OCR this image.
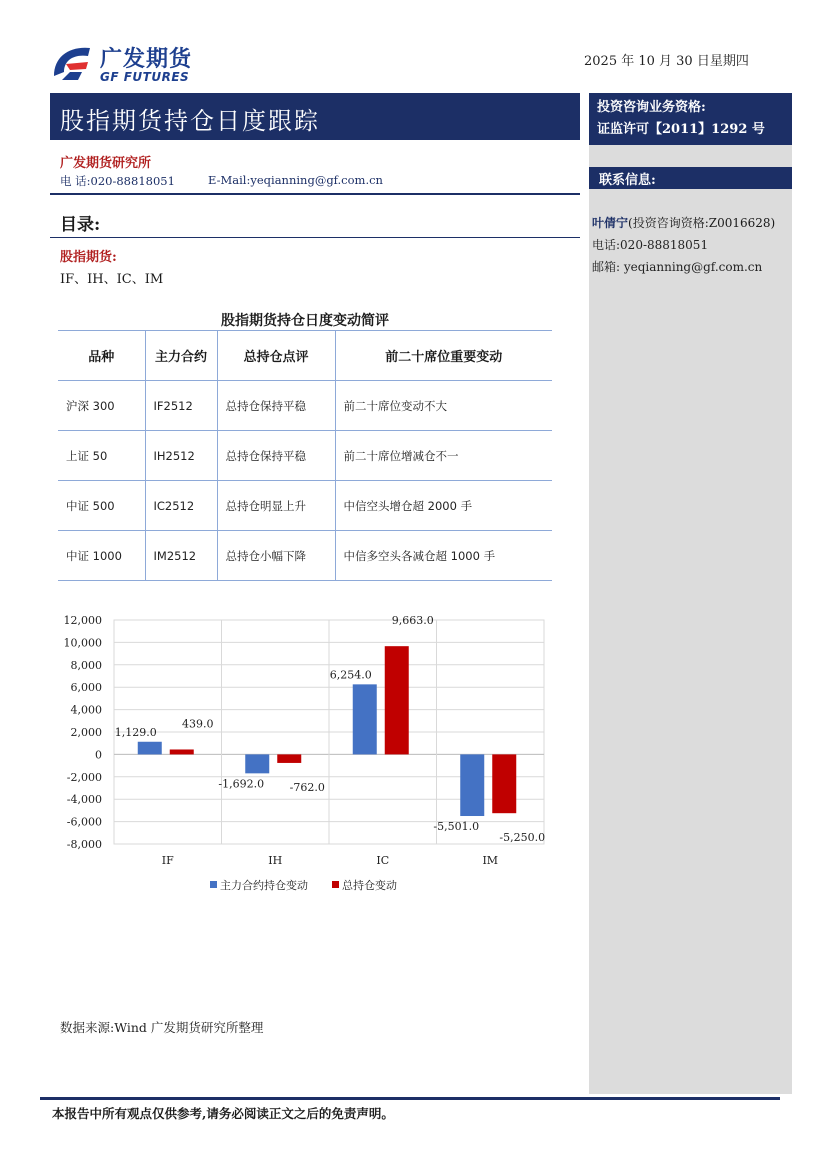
广发期货
GF FUTURES
2025 年 10 月 30 日星期四
股指期货持仓日度跟踪	投资咨询业务资格:
证监许可【2011】1292 号
联系信息:
叶倩宁(投资咨询资格:Z0016628)
电话:020-88818051
邮箱: yeqianning@gf.com.cn
广发期货研究所
电 话:020-88818051	E-Mail:yeqianning@gf.com.cn
目录:
股指期货:
IF、IH、IC、IM
股指期货持仓日度变动简评
品种	主力合约	总持仓点评	前二十席位重要变动
沪深 300	IF2512	总持仓保持平稳	前二十席位变动不大
上证 50	IH2512	总持仓保持平稳	前二十席位增减仓不一
中证 500	IC2512	总持仓明显上升	中信空头增仓超 2000 手
中证 1000	IM2512	总持仓小幅下降	中信多空头各减仓超 1000 手
12,000
10,000
8,000
6,000
4,000
2,000
0
-2,000
-4,000
-6,000
-8,000
1,129.0
439.0
IF
-1,692.0 -762.0
IH
6,254.0
9,663.0
IC
-5,501.0
-5,250.0
IM
主力合约持仓变动	总持仓变动
数据来源:Wind 广发期货研究所整理
本报告中所有观点仅供参考,请务必阅读正文之后的免责声明。
